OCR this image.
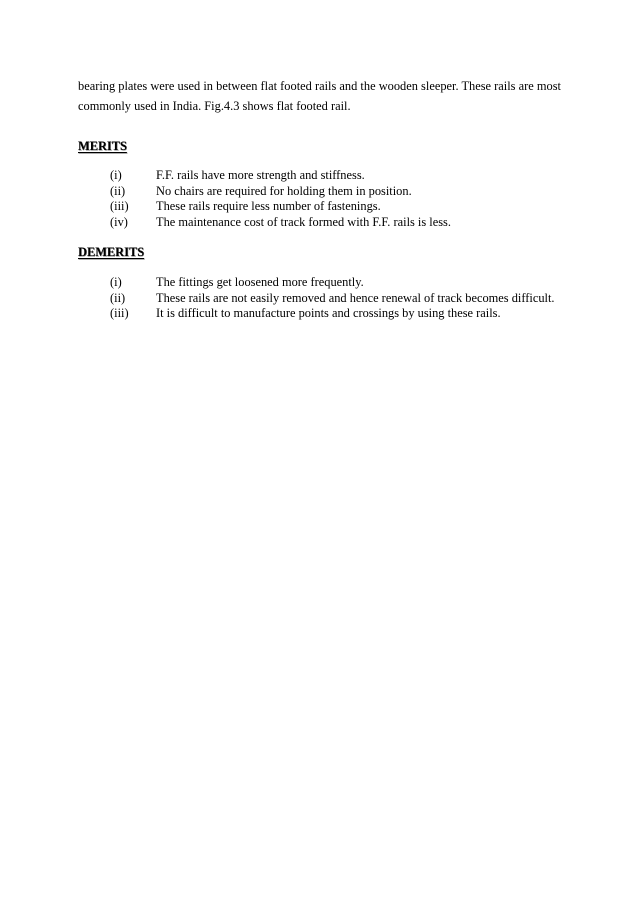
bearing plates were used in between flat footed rails and the wooden sleeper. These rails are most commonly used in India. Fig.4.3 shows flat footed rail.

MERITS
(i)	F.F. rails have more strength and stiffness.
(ii)	No chairs are required for holding them in position.
(iii)	These rails require less number of fastenings.
(iv)	The maintenance cost of track formed with F.F. rails is less.
DEMERITS
(i)	The fittings get loosened more frequently.
(ii)	These rails are not easily removed and hence renewal of track becomes difficult.
(iii)	It is difficult to manufacture points and crossings by using these rails.
